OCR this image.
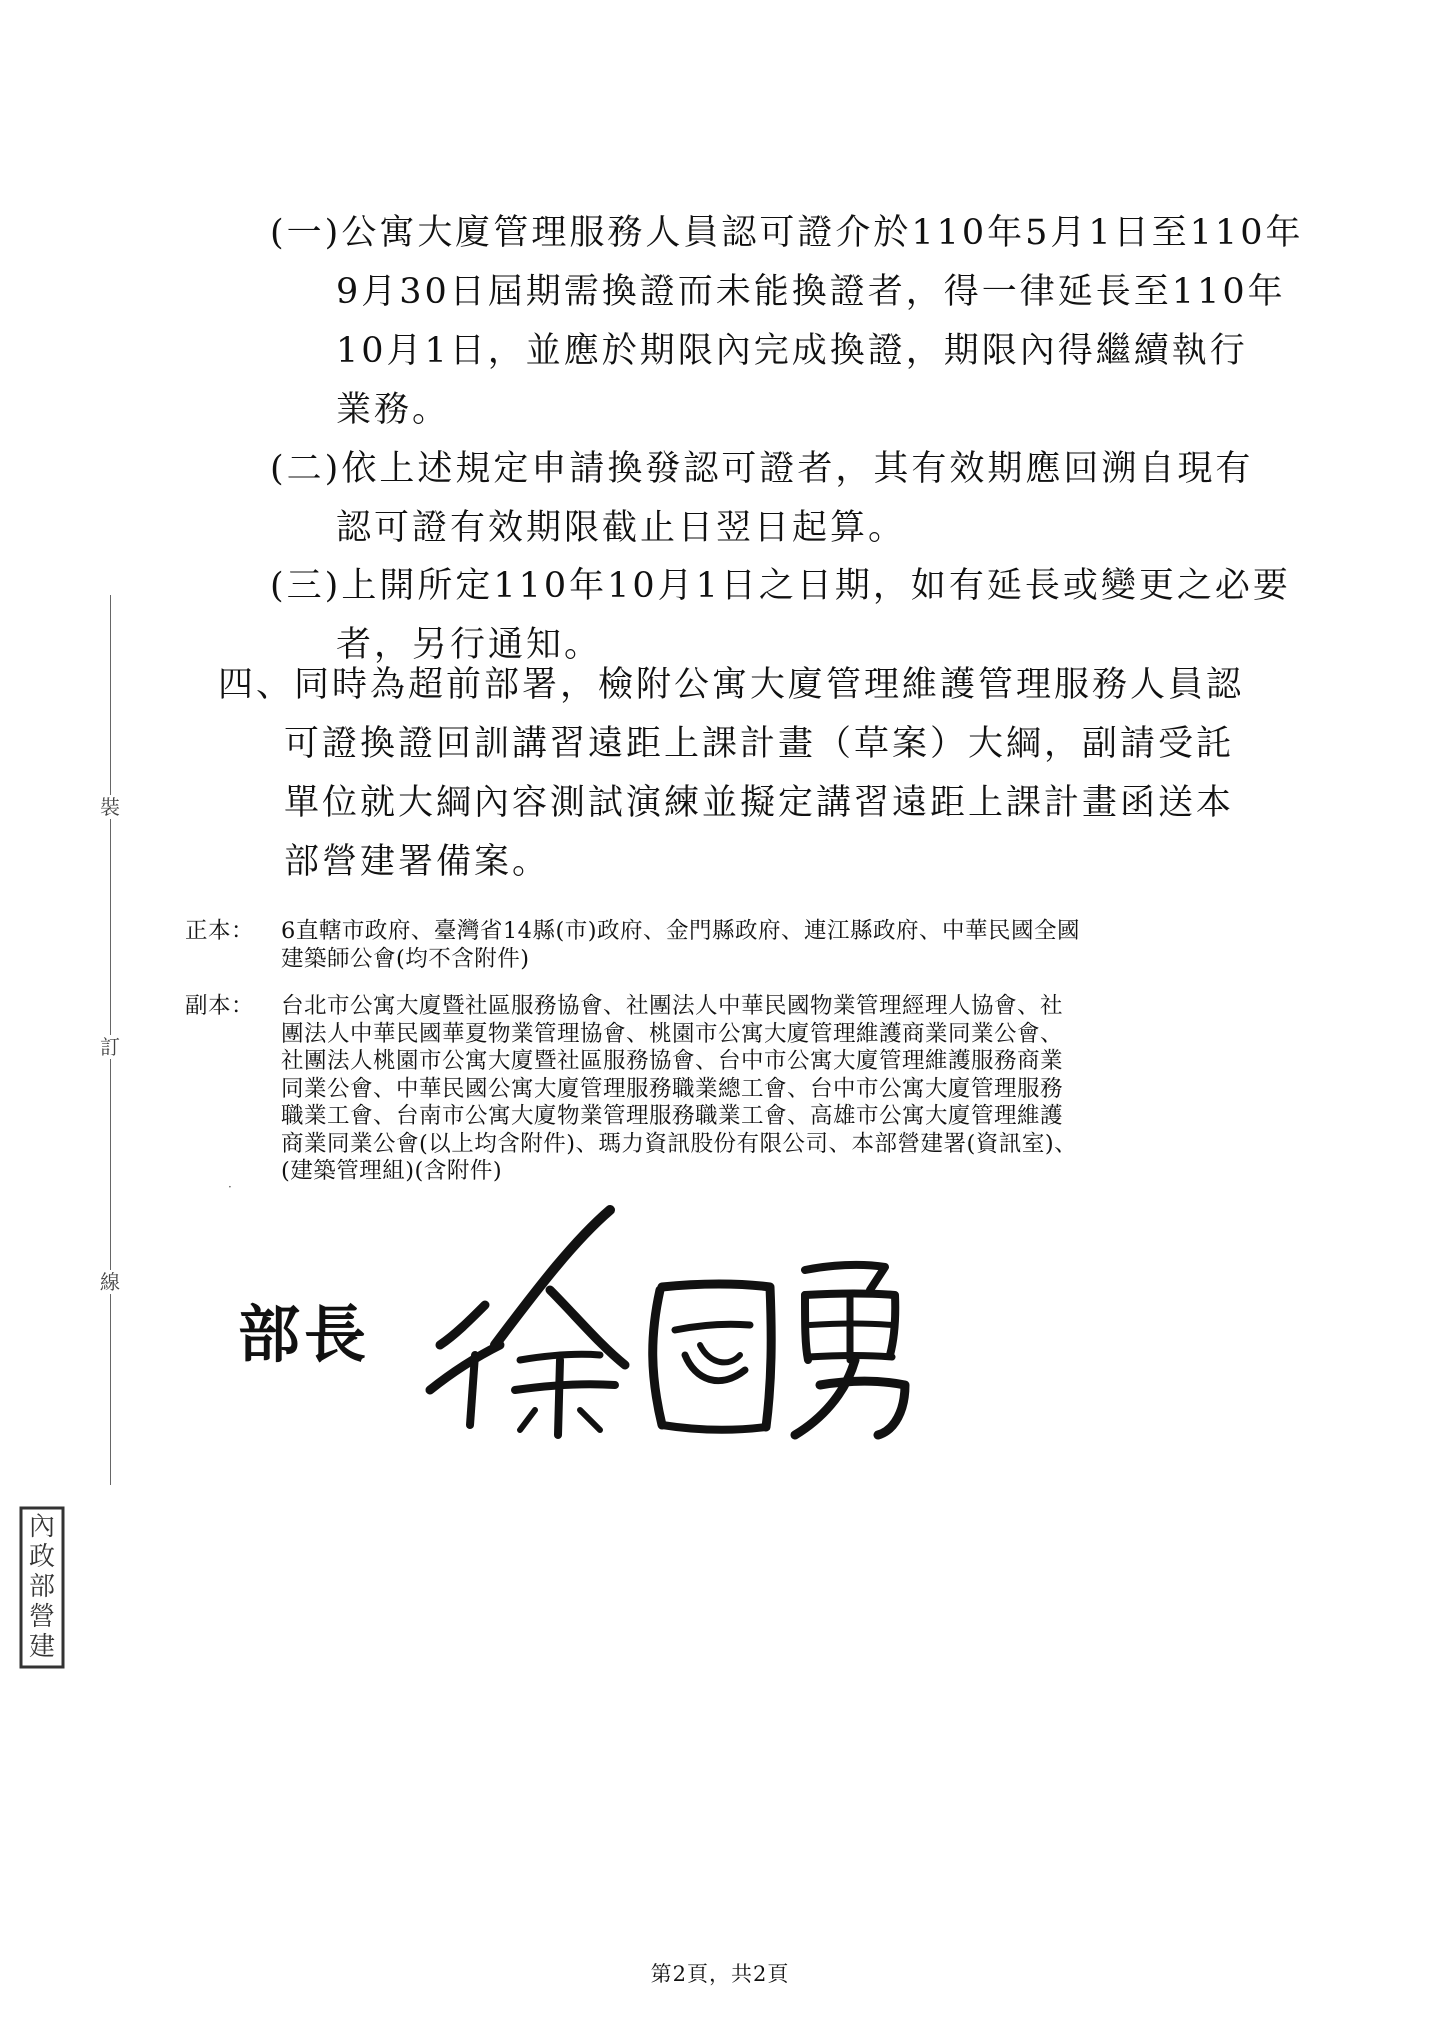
裝
訂
線
·
(一)公寓大廈管理服務人員認可證介於110年5月1日至110年
9月30日屆期需換證而未能換證者，得一律延長至110年
10月1日，並應於期限內完成換證，期限內得繼續執行
業務。
(二)依上述規定申請換發認可證者，其有效期應回溯自現有
認可證有效期限截止日翌日起算。
(三)上開所定110年10月1日之日期，如有延長或變更之必要
者，另行通知。
四、同時為超前部署，檢附公寓大廈管理維護管理服務人員認
可證換證回訓講習遠距上課計畫（草案）大綱，副請受託
單位就大綱內容測試演練並擬定講習遠距上課計畫函送本
部營建署備案。
正本： 6直轄市政府、臺灣省14縣(市)政府、金門縣政府、連江縣政府、中華民國全國
建築師公會(均不含附件)
副本： 台北市公寓大廈暨社區服務協會、社團法人中華民國物業管理經理人協會、社
團法人中華民國華夏物業管理協會、桃園市公寓大廈管理維護商業同業公會、
社團法人桃園市公寓大廈暨社區服務協會、台中市公寓大廈管理維護服務商業
同業公會、中華民國公寓大廈管理服務職業總工會、台中市公寓大廈管理服務
職業工會、台南市公寓大廈物業管理服務職業工會、高雄市公寓大廈管理維護
商業同業公會(以上均含附件)、瑪力資訊股份有限公司、本部營建署(資訊室)、
(建築管理組)(含附件)
部長
內
政
部
營
建
第2頁，共2頁
